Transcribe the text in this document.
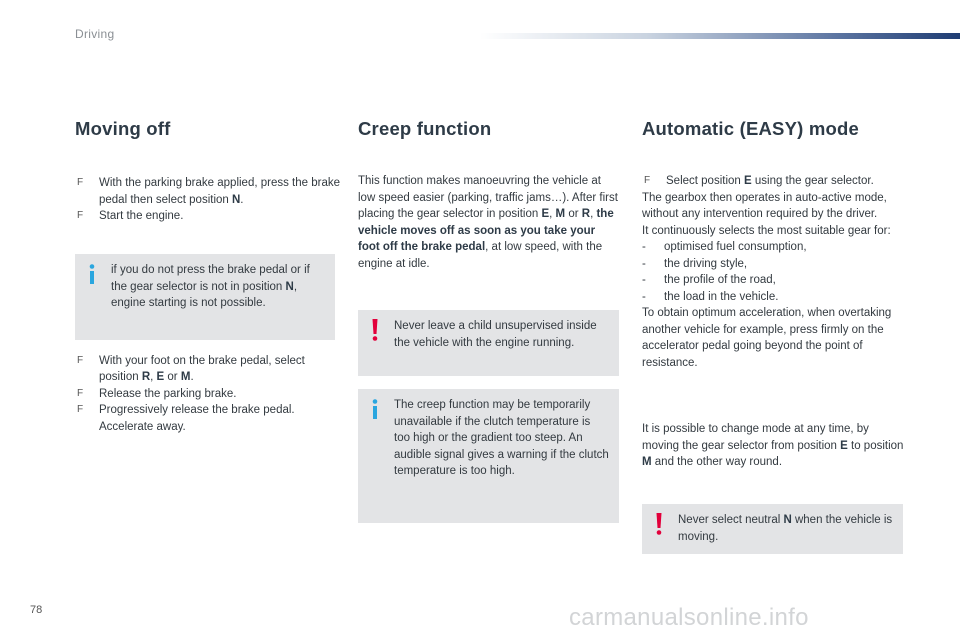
Driving
Moving off
F With the parking brake applied, press the brake pedal then select position N.
F Start the engine.
F With your foot on the brake pedal, select position R, E or M.
F Release the parking brake.
F Progressively release the brake pedal. Accelerate away.
if you do not press the brake pedal or if the gear selector is not in position N, engine starting is not possible.
Creep function
This function makes manoeuvring the vehicle at low speed easier (parking, traffic jams…). After first placing the gear selector in position E, M or R, the vehicle moves off as soon as you take your foot off the brake pedal, at low speed, with the engine at idle.
Never leave a child unsupervised inside the vehicle with the engine running.
The creep function may be temporarily unavailable if the clutch temperature is too high or the gradient too steep. An audible signal gives a warning if the clutch temperature is too high.
Automatic (EASY) mode
F Select position E using the gear selector.
The gearbox then operates in auto-active mode, without any intervention required by the driver.
It continuously selects the most suitable gear for:
- optimised fuel consumption,
- the driving style,
- the profile of the road,
- the load in the vehicle.
To obtain optimum acceleration, when overtaking another vehicle for example, press firmly on the accelerator pedal going beyond the point of resistance.
It is possible to change mode at any time, by moving the gear selector from position E to position M and the other way round.
Never select neutral N when the vehicle is moving.
78	carmanualsonline.info
